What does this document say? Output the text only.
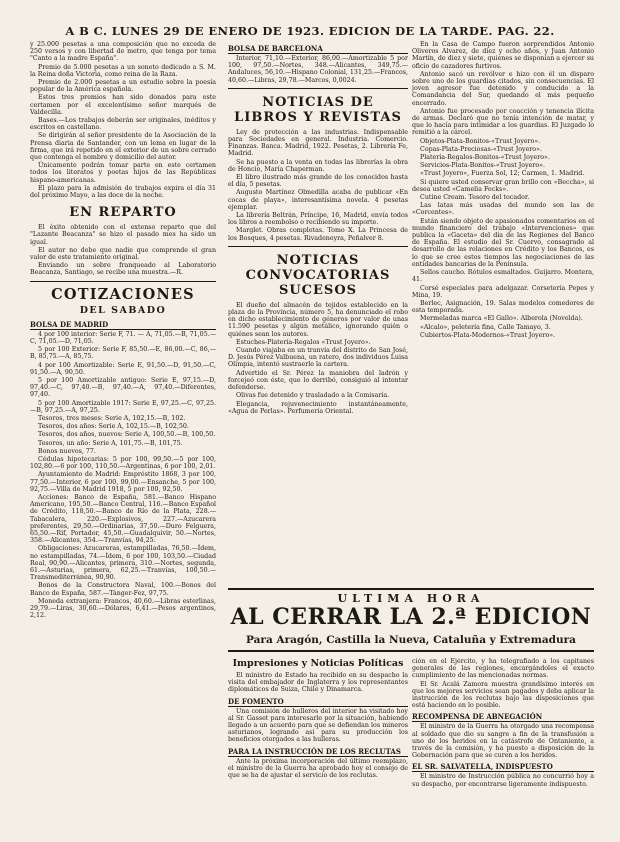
A B C. LUNES 29 DE ENERO DE 1923. EDICION DE LA TARDE. PAG. 22.

y 25.000 pesetas a una composición que no exceda de 250 versos y con libertad de metro, que tenga por tema "Canto a la madre España".

Premio de 5.000 pesetas a un soneto dedicado a S. M. la Reina doña Victoria, como reina de la Raza.

Premio de 2.000 pesetas a un estudio sobre la poesía popular de la América española.

Estos tres premios han sido donados para este certamen por el excelentísimo señor marqués de Valdecilla.

Bases.—Los trabajos deberán ser originales, inéditos y escritos en castellano.

Se dirigirán al señor presidente de la Asociación de la Prensa diaria de Santander, con un lema en lugar de la firma, que irá repetido en el exterior de un sobre cerrado que contenga el nombre y domicilio del autor.

Únicamente podrán tomar parte en este certamen todos los literatos y poetas hijos de las Repúblicas hispano-americanas.

El plazo para la admisión de trabajos expira el día 31 del próximo Mayo, a las doce de la noche.

EN REPARTO

El éxito obtenido con el extenso reparto que del "Lazante Beacanza" se hizo el pasado mes ha sido un igual.

El autor no debe que nadie que comprende el gran valor de este tratamiento original.

Enviando un sobre franqueado al Laboratorio Beacanza, Santiago, se recibe una muestra.—R.

COTIZACIONES
DEL SABADO
BOLSA DE MADRID

4 por 100 interior: Serie F, 71. — A, 71,05.—B, 71,05.—C, 71,05.—D, 71,05.

5 por 100 Exterior: Serie F, 85,50.—E, 86,00.—C, 86,—B, 85,75.—A, 85,75.

4 por 100 Amortizable: Serie E, 91,50.—D, 91,50.—C, 91,50.—A, 90,50.

5 por 100 Amortizable antiguo: Serie E, 97,15.—D, 97,40.—C, 97,40.—B, 97,40.—A, 97,40.—Diferentes, 97,40.

5 por 100 Amortizable 1917: Serie E, 97,25.—C, 97,25.—B, 97,25.—A, 97,25.

Tesoros, tres meses: Serie A, 102,15.—B, 102.

Tesoros, dos años: Serie A, 102,15.—B, 102,50.

Tesoros, dos años, nuevos: Serie A, 100,50.—B, 100,50.

Tesoros, un año: Serie A, 101,75.—B, 101,75.

Bonos nuevos, 77.

Cédulas hipotecarias: 5 por 100, 99,50.—5 por 100, 102,80.—6 por 100, 110,50.—Argentinas, 6 por 100, 2,01.

Ayuntamiento de Madrid: Empréstito 1868, 3 por 100, 77,50.—Interior, 6 por 100, 99,00.—Ensanche, 5 por 100, 92,75.—Villa de Madrid 1918, 5 por 100, 92,50.

Acciones: Banco de España, 581.—Banco Hispano Americano, 195,50.—Banco Central, 116.—Banco Español de Crédito, 118,50.—Banco de Río de la Plata, 228.—Tabacalera, 220.—Explosivos, 227.—Azucarera preferentes, 29,50.—Ordinarias, 37,50.—Duro Felguera, 65,50.—Rif, Portador, 45,50.—Guadalquivir, 50.—Nortes, 358.—Alicantes, 354.—Tranvías, 94,25.

Obligaciones: Azucareras, estampilladas, 76,50.—Ídem, no estampilladas, 74.—Ídem, 6 por 100, 103,50.—Ciudad Real, 90,90.—Alicantes, primera, 310.—Nortes, segunda, 61.—Asturias, primera, 62,25.—Tranvías, 100,50.—Transmediterránea, 90,90.

Bonos de la Constructora Naval, 100.—Bonos del Banco de España, 587.—Tánger-Fez, 97,75.

Moneda extranjera: Francos, 40,60.—Libras esterlinas, 29,79.—Liras, 30,60.—Dólares, 6,41.—Pesos argentinos, 2,12.

BOLSA DE BARCELONA

Interior, 71,10.—Exterior, 86,00.—Amortizable 5 por 100, 97,50.—Nortes, 348.—Alicantes, 349,75.—Andaluces, 56,10.—Hispano Colonial, 131,25.—Francos, 40,60.—Libras, 29,78.—Marcos, 0,0024.

NOTICIAS DE LIBROS Y REVISTAS

Ley de protección a las industrias. Indispensable para Sociedades en general. Industria. Comercio. Finanzas. Banca. Madrid, 1922. Pesetas, 2. Librería Fe, Madrid.

Se ha puesto a la venta en todas las librerías la obra de Honcio, María Chaperman.

El libro ilustrado más grande de los conocidos hasta el día, 5 pesetas.

Augusto Martínez Olmedilla acaba de publicar «En cocas de playa», interesantísima novela. 4 pesetas ejemplar.

La librería Beltrán, Príncipe, 16, Madrid, envía todos los libros a reembolso o recibiendo su importe.

Marglet. Obras completas. Tomo X. La Princesa de los Bosques, 4 pesetas. Rivadeneyra, Peñalver 8.

NOTICIAS CONVOCATORIAS SUCESOS

El dueño del almacén de tejidos establecido en la plaza de la Provincia, número 5, ha denunciado el robo en dicho establecimiento de géneros por valor de unas 11.590 pesetas y algún metálico, ignorando quién o quiénes sean los autores.

Estuches-Platería-Regalos «Trust Joyero».

Cuando viajaba en un tranvía del distrito de San José, D. Jesús Pérez Valbuena, un ratero, dos individuos Luisa Olimpia, intentó sustraerle la cartera.

Advertido el Sr. Pérez la maniobra del ladrón y forcejeó con éste, que lo derribó, consiguió al intentar defenderse.

Olivas fue detenido y trasladado a la Comisaría.

Elegancia, rejuvenecimiento instantáneamente, «Agua de Perlas». Perfumería Oriental.

En la Casa de Campo fueron sorprendidos Antonio Oliveros Alvarez, de diez y ocho años, y Juan Antonio Martín, de diez y siete, quienes se disponían a ejercer su oficio de cazadores furtivos.

Antonio sacó un revólver e hizo con él un disparo sobre uno de los guardias citados, sin consecuencias. El joven agresor fue detenido y conducido a la Comandancia del Sur, quedando el más pequeño encerrado.

Antonio fue procesado por coacción y tenencia ilícita de armas. Declaró que no tenía intención de matar, y que lo hacía para intimidar a los guardias. El Juzgado lo remitió a la cárcel.

Objetos-Plata-Bonitos-«Trust Joyero».

Copas-Plata-Preciosas-«Trust Joyero».

Platería-Regalos-Bonitos-«Trust Joyero».

Servicios-Plata-Bonitos-«Trust Joyero».

«Trust Joyero», Fuerza Sol, 12; Carmen, 1. Madrid.

Si quiere usted conservar gran brillo con «Beccha», si desea usted «Camelia Fecks».

Cutine Cream. Tesoro del tocador.

Las latas más usadas del mundo son las de «Corcentes».

Están siendo objeto de apasionados comentarios en el mundo financiero del trabajo «Intervenciones» que publica la «Gaceta» del día de las Regiones del Banco de España. El estudio del Sr. Cuervo, consagrado al desarrollo de las relaciones en Crédito y los Bancos, es lo que se cree estos tiempos las negociaciones de las entidades bancarias de la Península.

Sellos caucho. Rótulos esmaltados. Guijarro. Montera, 41.

Corsé especiales para adelgazar. Corsetería Pepes y Mina, 19.

Berlec, Asignación, 19. Salas modelos comedores de esta temporada.

Mermeladas marca «El Gallo». Alberola (Novelda).

«Alcalo», peletería fina, Calle Tamayo, 3.

Cubiertos-Plata-Modernos-«Trust Joyero».

ULTIMA HORA
AL CERRAR LA 2.ª EDICION
Para Aragón, Castilla la Nueva, Cataluña y Extremadura
Impresiones y Noticias Políticas

El ministro de Estado ha recibido en su despacho la visita del embajador de Inglaterra y los representantes diplomáticos de Suiza, Chile y Dinamarca.

DE FOMENTO

Una comisión de hulleros del interior ha visitado hoy al Sr. Gasset para interesarle por la situación, habiendo llegado a un acuerdo para que se defiendan los mineros asturianos, logrando así para su producción los beneficios otorgados a las hulleras.

PARA LA INSTRUCCIÓN DE LOS RECLUTAS

Ante la próxima incorporación del último reemplazo, el ministro de la Guerra ha aprobado hoy el consejo de que se ha de ajustar el servicio de los reclutas.

ción en el Ejército, y ha telegrafiado a los capitanes generales de las regiones, encargándoles el exacto cumplimiento de las mencionadas normas.

El Sr. Acalá Zamora muestra grandísimo interés en que los mejores servicios sean pagados y deba aplicar la instrucción de los reclutas bajo las disposiciones que está haciendo en lo posible.

RECOMPENSA DE ABNEGACIÓN

El ministro de la Guerra ha otorgado una recompensa al soldado que dio su sangre a fin de la transfusión a uno de los heridos en la catástrofe de Ontaniente, a través de la comisión, y ha puesto a disposición de la Gobernación para que se curen a los heridos.

EL SR. SALVATELLA, INDISPUESTO

El ministro de Instrucción pública no concurrió hoy a su despacho, por encontrarse ligeramente indispuesto.
